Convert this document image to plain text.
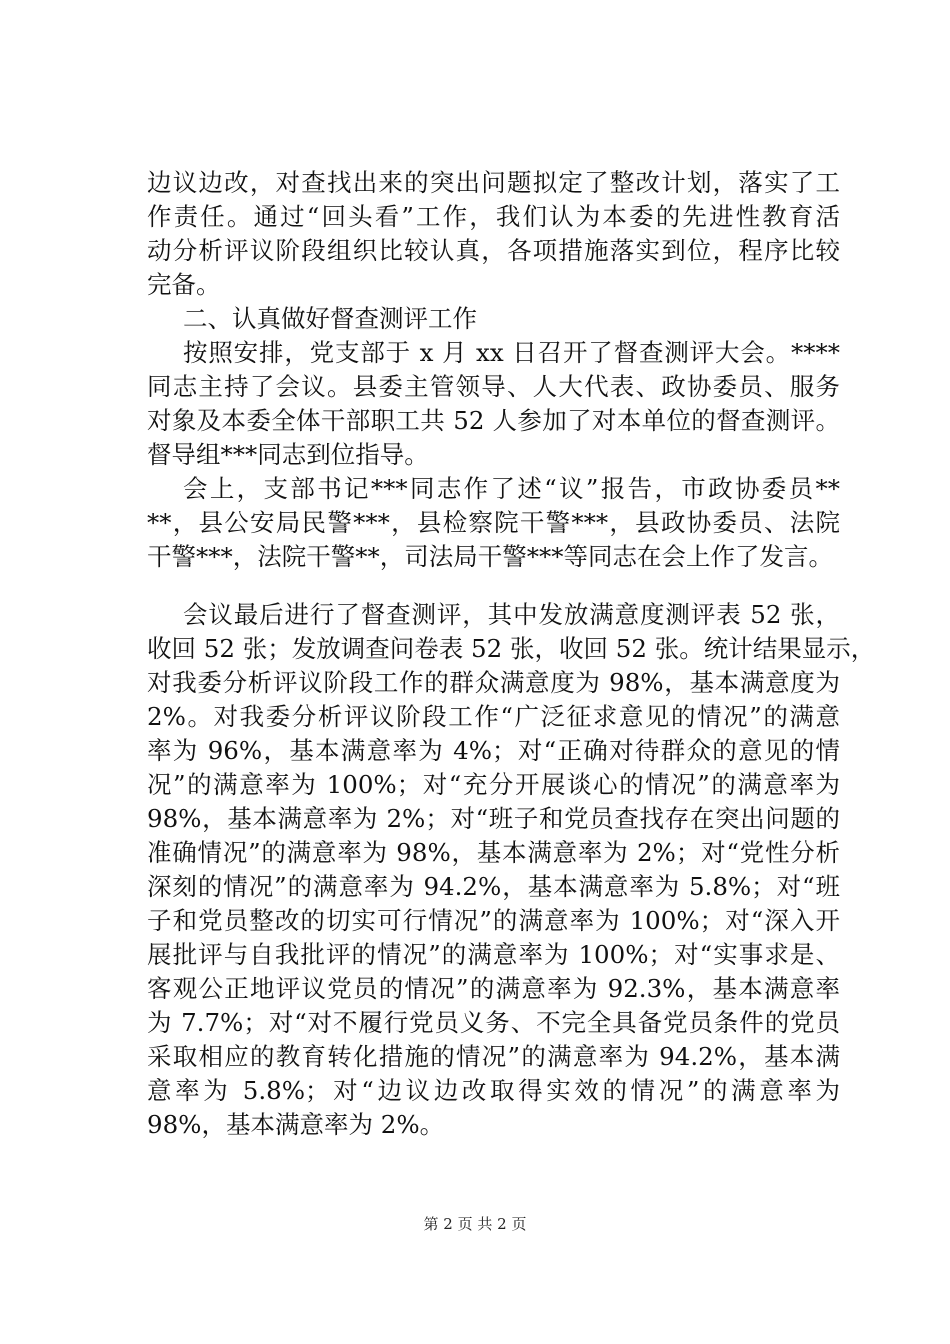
边议边改，对查找出来的突出问题拟定了整改计划，落实了工
作责任。通过“回头看”工作，我们认为本委的先进性教育活
动分析评议阶段组织比较认真，各项措施落实到位，程序比较
完备。
二、认真做好督查测评工作
按照安排，党支部于 x 月 xx 日召开了督查测评大会。****
同志主持了会议。县委主管领导、人大代表、政协委员、服务
对象及本委全体干部职工共 52 人参加了对本单位的督查测评。
督导组***同志到位指导。
会上，支部书记***同志作了述“议”报告，市政协委员**
**，县公安局民警***，县检察院干警***，县政协委员、法院
干警***，法院干警**，司法局干警***等同志在会上作了发言。
会议最后进行了督查测评，其中发放满意度测评表 52 张，
收回 52 张；发放调查问卷表 52 张，收回 52 张。统计结果显示，
对我委分析评议阶段工作的群众满意度为 98%，基本满意度为
2%。对我委分析评议阶段工作“广泛征求意见的情况”的满意
率为 96%，基本满意率为 4%；对“正确对待群众的意见的情
况”的满意率为 100%；对“充分开展谈心的情况”的满意率为
98%，基本满意率为 2%；对“班子和党员查找存在突出问题的
准确情况”的满意率为 98%，基本满意率为 2%；对“党性分析
深刻的情况”的满意率为 94.2%，基本满意率为 5.8%；对“班
子和党员整改的切实可行情况”的满意率为 100%；对“深入开
展批评与自我批评的情况”的满意率为 100%；对“实事求是、
客观公正地评议党员的情况”的满意率为 92.3%，基本满意率
为 7.7%；对“对不履行党员义务、不完全具备党员条件的党员
采取相应的教育转化措施的情况”的满意率为 94.2%，基本满
意率为 5.8%；对“边议边改取得实效的情况”的满意率为
98%，基本满意率为 2%。
第 2 页 共 2 页
